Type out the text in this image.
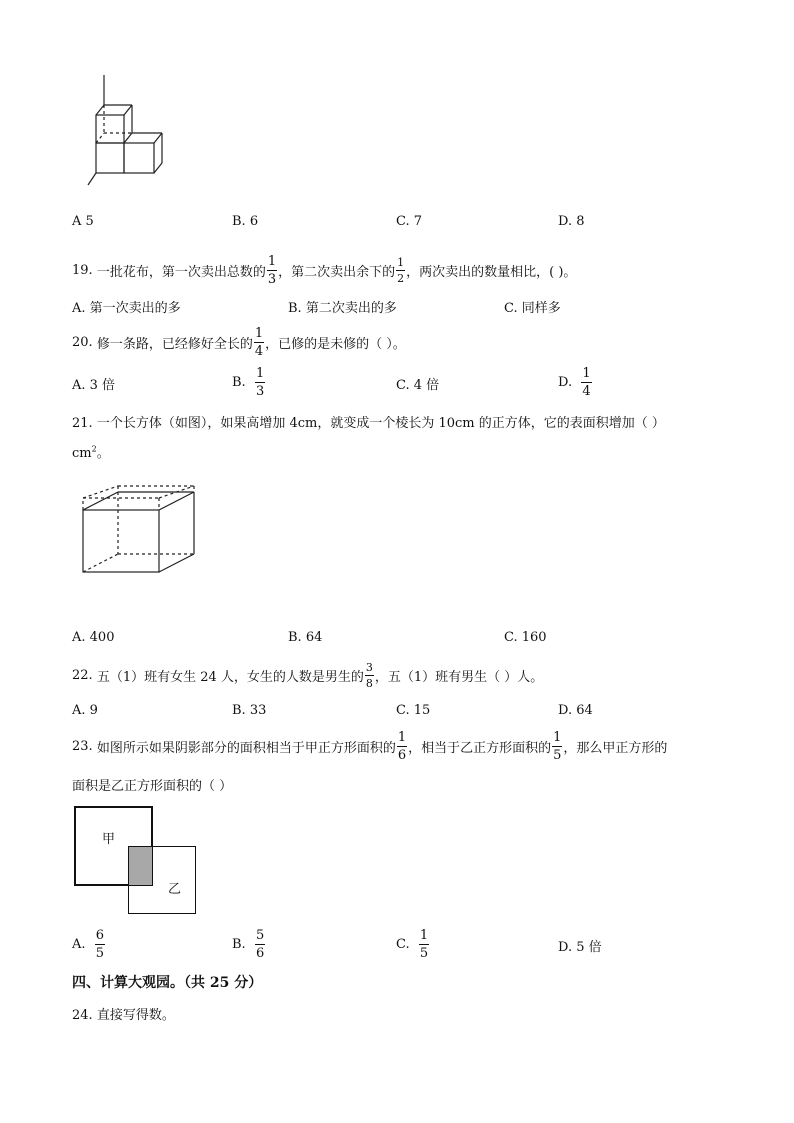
A 5	B. 6	C. 7	D. 8
19.
一批花布，第一次卖出总数的 $\frac{1}{3}$ ，第二次卖出余下的 $\frac{1}{2}$ ，两次卖出的数量相比，( )。
A. 第一次卖出的多	B. 第二次卖出的多	C. 同样多
20.
修一条路，已经修好全长的 $\frac{1}{4}$ ，已修的是未修的（ ）。
A. 3 倍	B.
$\frac{1}{3}$	C. 4 倍	D.
$\frac{1}{4}$
21. 一个长方体（如图），如果高增加 4cm，就变成一个棱长为 10cm 的正方体，它的表面积增加（ ）
$cm^2$。
A. 400	B. 64	C. 160
22.
五（1）班有女生 24 人，女生的人数是男生的 $\frac{3}{8}$ ，五（1）班有男生（ ）人。
A. 9	B. 33	C. 15	D. 64
23.
如图所示如果阴影部分的面积相当于甲正方形面积的 $\frac{1}{6}$ ，相当于乙正方形面积的 $\frac{1}{5}$ ，那么甲正方形的
面积是乙正方形面积的（ ）
甲
乙
A.
$\frac{6}{5}$	B.
$\frac{5}{6}$	C.
$\frac{1}{5}$	D. 5 倍
四、计算大观园。（共 25 分）
24. 直接写得数。
